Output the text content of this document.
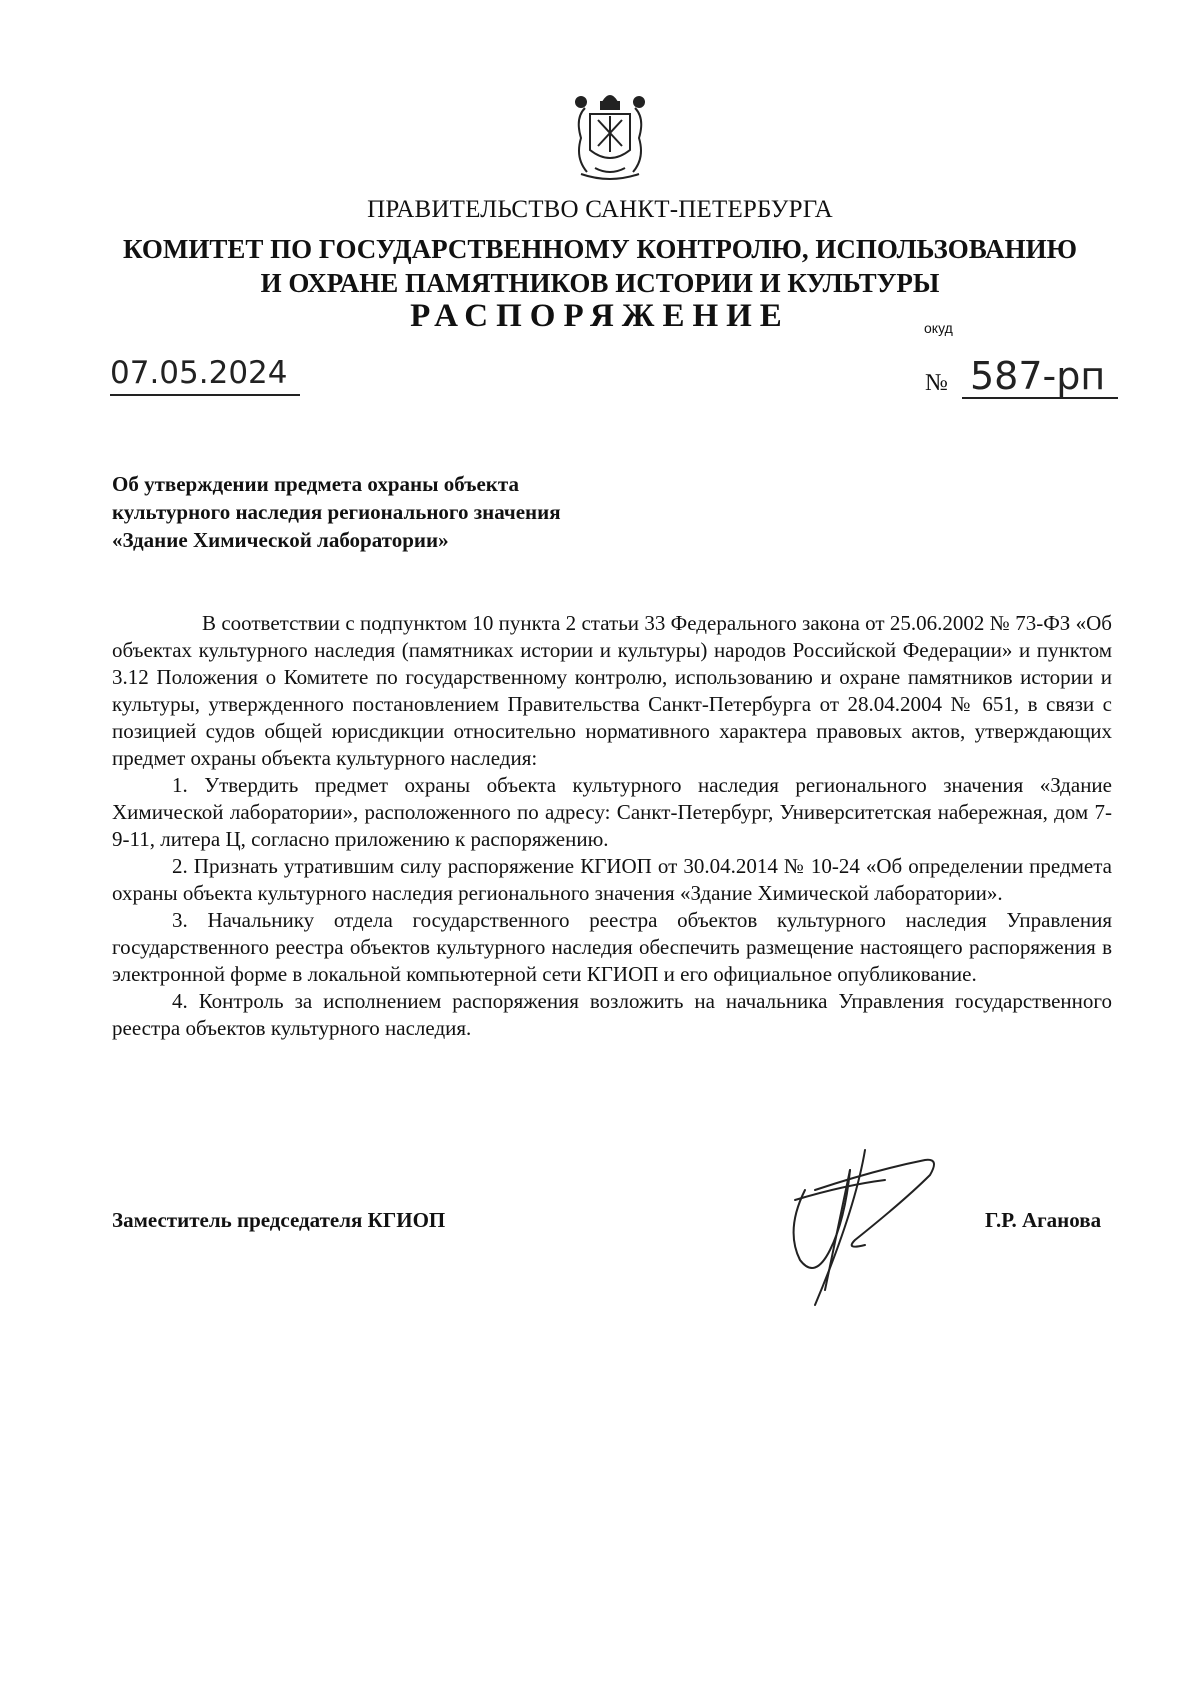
ПРАВИТЕЛЬСТВО САНКТ-ПЕТЕРБУРГА
КОМИТЕТ ПО ГОСУДАРСТВЕННОМУ КОНТРОЛЮ, ИСПОЛЬЗОВАНИЮ
И ОХРАНЕ ПАМЯТНИКОВ ИСТОРИИ И КУЛЬТУРЫ
РАСПОРЯЖЕНИЕ	окуд
07.05.2024	№ 587-рп
Об утверждении предмета охраны объекта
культурного наследия регионального значения
«Здание Химической лаборатории»

В соответствии с подпунктом 10 пункта 2 статьи 33 Федерального закона от 25.06.2002 № 73-ФЗ «Об объектах культурного наследия (памятниках истории и культуры) народов Российской Федерации» и пунктом 3.12 Положения о Комитете по государственному контролю, использованию и охране памятников истории и культуры, утвержденного постановлением Правительства Санкт-Петербурга от 28.04.2004 № 651, в связи с позицией судов общей юрисдикции относительно нормативного характера правовых актов, утверждающих предмет охраны объекта культурного наследия:

1. Утвердить предмет охраны объекта культурного наследия регионального значения «Здание Химической лаборатории», расположенного по адресу: Санкт-Петербург, Университетская набережная, дом 7-9-11, литера Ц, согласно приложению к распоряжению.

2. Признать утратившим силу распоряжение КГИОП от 30.04.2014 № 10-24 «Об определении предмета охраны объекта культурного наследия регионального значения «Здание Химической лаборатории».

3. Начальнику отдела государственного реестра объектов культурного наследия Управления государственного реестра объектов культурного наследия обеспечить размещение настоящего распоряжения в электронной форме в локальной компьютерной сети КГИОП и его официальное опубликование.

4. Контроль за исполнением распоряжения возложить на начальника Управления государственного реестра объектов культурного наследия.

Заместитель председателя КГИОП	Г.Р. Аганова
